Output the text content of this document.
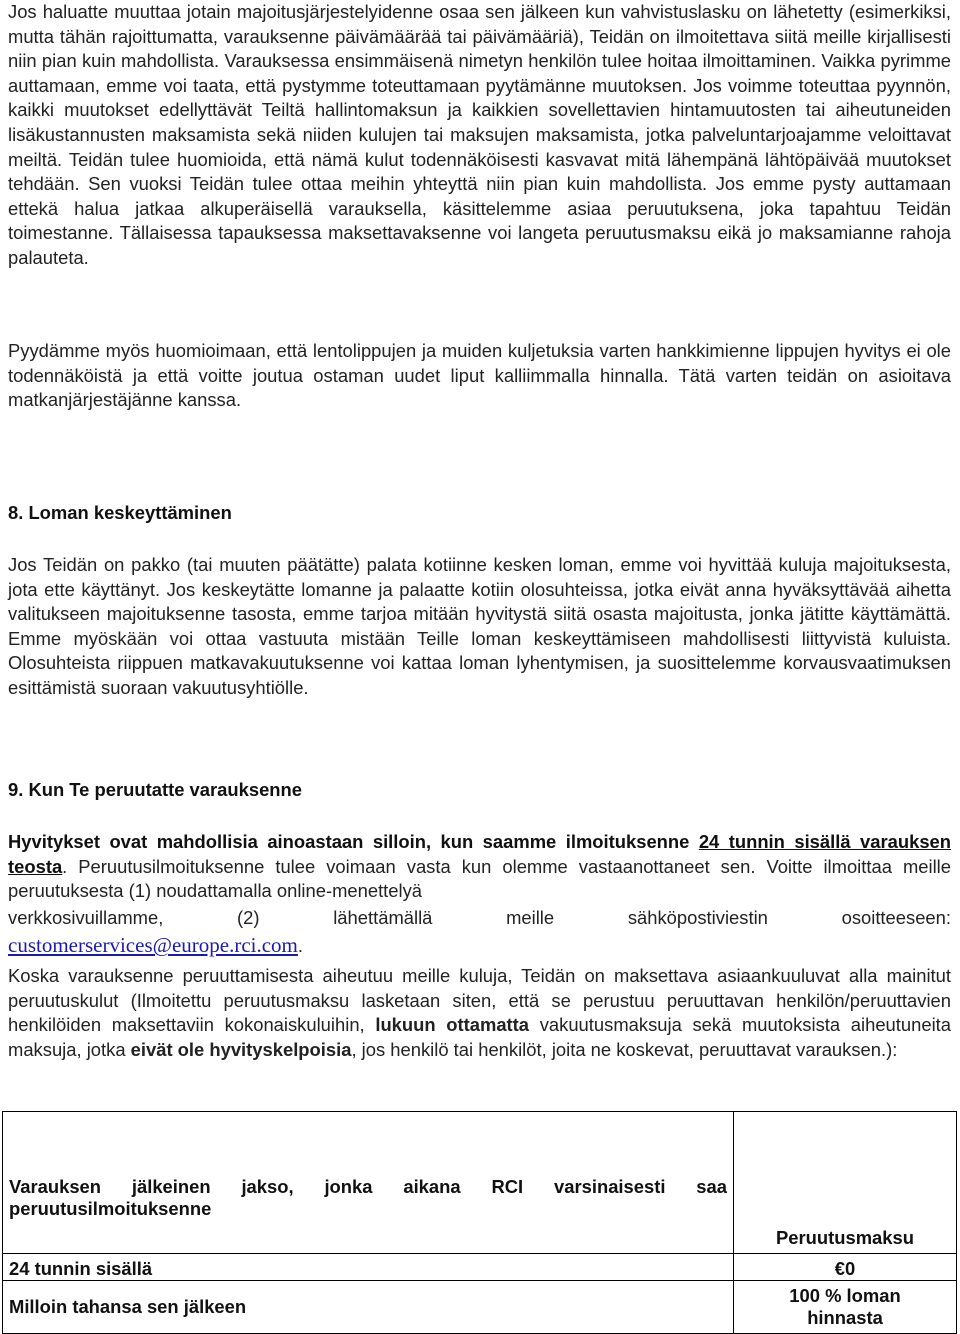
Jos haluatte muuttaa jotain majoitusjärjestelyidenne osaa sen jälkeen kun vahvistuslasku on lähetetty (esimerkiksi, mutta tähän rajoittumatta, varauksenne päivämäärää tai päivämääriä), Teidän on ilmoitettava siitä meille kirjallisesti niin pian kuin mahdollista. Varauksessa ensimmäisenä nimetyn henkilön tulee hoitaa ilmoittaminen. Vaikka pyrimme auttamaan, emme voi taata, että pystymme toteuttamaan pyytämänne muutoksen. Jos voimme toteuttaa pyynnön, kaikki muutokset edellyttävät Teiltä hallintomaksun ja kaikkien sovellettavien hintamuutosten tai aiheutuneiden lisäkustannusten maksamista sekä niiden kulujen tai maksujen maksamista, jotka palveluntarjoajamme veloittavat meiltä. Teidän tulee huomioida, että nämä kulut todennäköisesti kasvavat mitä lähempänä lähtöpäivää muutokset tehdään. Sen vuoksi Teidän tulee ottaa meihin yhteyttä niin pian kuin mahdollista. Jos emme pysty auttamaan ettekä halua jatkaa alkuperäisellä varauksella, käsittelemme asiaa peruutuksena, joka tapahtuu Teidän toimestanne. Tällaisessa tapauksessa maksettavaksenne voi langeta peruutusmaksu eikä jo maksamianne rahoja palauteta.

Pyydämme myös huomioimaan, että lentolippujen ja muiden kuljetuksia varten hankkimienne lippujen hyvitys ei ole todennäköistä ja että voitte joutua ostaman uudet liput kalliimmalla hinnalla. Tätä varten teidän on asioitava matkanjärjestäjänne kanssa.

8. Loman keskeyttäminen

Jos Teidän on pakko (tai muuten päätätte) palata kotiinne kesken loman, emme voi hyvittää kuluja majoituksesta, jota ette käyttänyt. Jos keskeytätte lomanne ja palaatte kotiin olosuhteissa, jotka eivät anna hyväksyttävää aihetta valitukseen majoituksenne tasosta, emme tarjoa mitään hyvitystä siitä osasta majoitusta, jonka jätitte käyttämättä. Emme myöskään voi ottaa vastuuta mistään Teille loman keskeyttämiseen mahdollisesti liittyvistä kuluista. Olosuhteista riippuen matkavakuutuksenne voi kattaa loman lyhentymisen, ja suosittelemme korvausvaatimuksen esittämistä suoraan vakuutusyhtiölle.

9. Kun Te peruutatte varauksenne
Hyvitykset ovat mahdollisia ainoastaan silloin, kun saamme ilmoituksenne 24 tunnin sisällä varauksen teosta. Peruutusilmoituksenne tulee voimaan vasta kun olemme vastaanottaneet sen. Voitte ilmoittaa meille peruutuksesta (1) noudattamalla online-menettelyä
verkkosivuillamme, (2) lähettämällä meille sähköpostiviestin osoitteeseen:
customerservices@europe.rci.com.

Koska varauksenne peruuttamisesta aiheutuu meille kuluja, Teidän on maksettava asiaankuuluvat alla mainitut peruutuskulut (Ilmoitettu peruutusmaksu lasketaan siten, että se perustuu peruuttavan henkilön/peruuttavien henkilöiden maksettaviin kokonaiskuluihin, lukuun ottamatta vakuutusmaksuja sekä muutoksista aiheutuneita maksuja, jotka eivät ole hyvityskelpoisia, jos henkilö tai henkilöt, joita ne koskevat, peruuttavat varauksen.):

Varauksen jälkeinen jakso, jonka aikana RCI varsinaisesti saa peruutusilmoituksenne	Peruutusmaksu
24 tunnin sisällä	€0
Milloin tahansa sen jälkeen	100 % loman hinnasta
